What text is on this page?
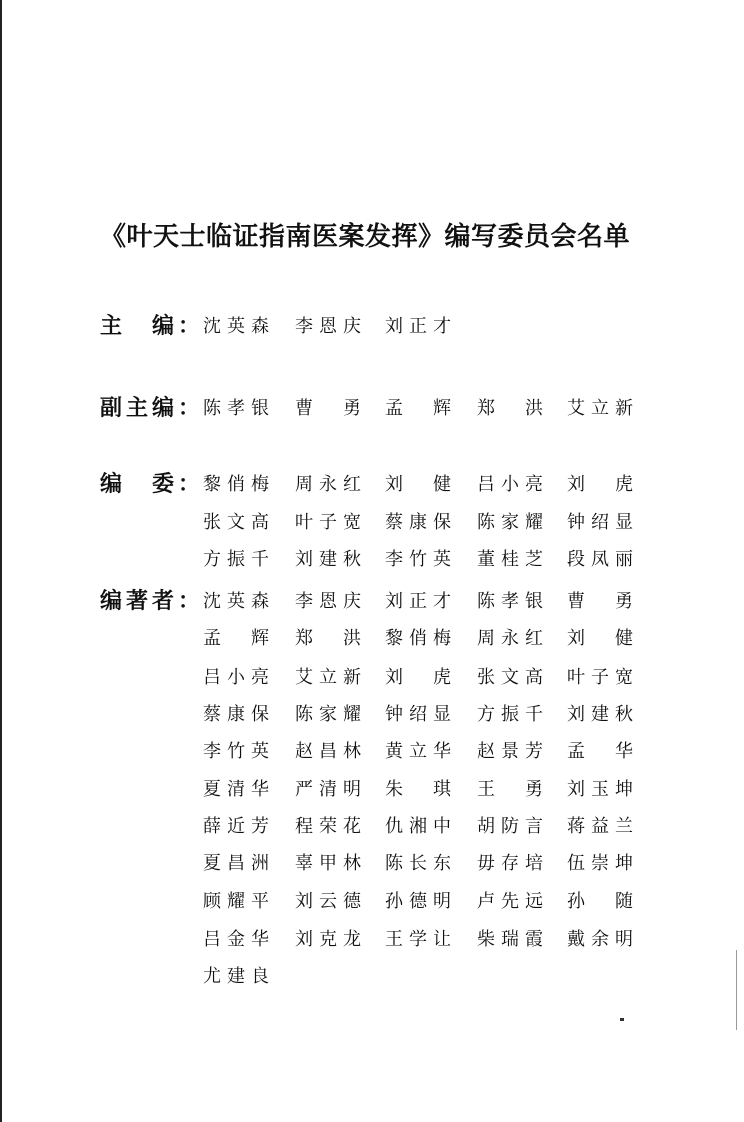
《叶天士临证指南医案发挥》编写委员会名单
主　编： 沈英森 李恩庆 刘正才
副主编： 陈孝银 曹勇 孟辉 郑洪 艾立新
编　委： 黎俏梅 周永红 刘健 吕小亮 刘虎
张文高 叶子宽 蔡康保 陈家耀 钟绍显
方振千 刘建秋 李竹英 董桂芝 段凤丽
编著者： 沈英森 李恩庆 刘正才 陈孝银 曹勇
孟辉 郑洪 黎俏梅 周永红 刘健
吕小亮 艾立新 刘虎 张文高 叶子宽
蔡康保 陈家耀 钟绍显 方振千 刘建秋
李竹英 赵昌林 黄立华 赵景芳 孟华
夏清华 严清明 朱琪 王勇 刘玉坤
薛近芳 程荣花 仇湘中 胡防言 蒋益兰
夏昌洲 辜甲林 陈长东 毋存培 伍崇坤
顾耀平 刘云德 孙德明 卢先远 孙随
吕金华 刘克龙 王学让 柴瑞霞 戴余明
尤建良
